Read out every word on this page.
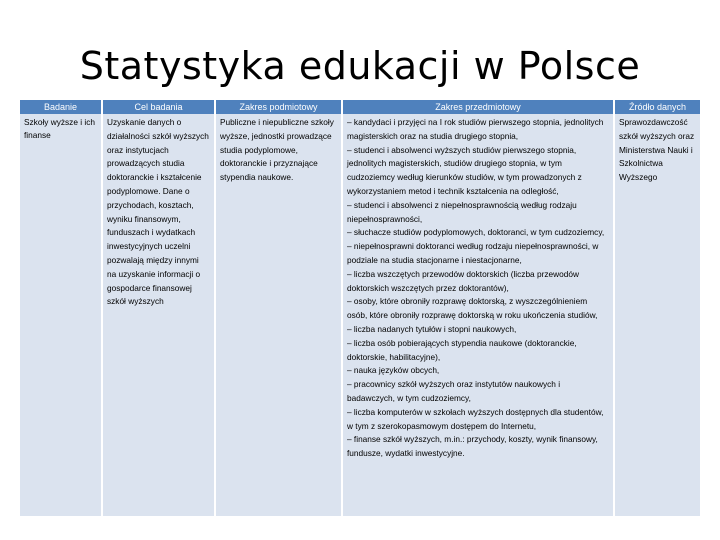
Statystyka edukacji w Polsce
Badanie
Szkoły wyższe i ich finanse
Cel badania
Uzyskanie danych o działalności szkół wyższych oraz instytucjach prowadzących studia doktoranckie i kształcenie podyplomowe. Dane o przychodach, kosztach, wyniku finansowym, funduszach i wydatkach inwestycyjnych uczelni pozwalają między innymi na uzyskanie informacji o gospodarce finansowej szkół wyższych
Zakres podmiotowy
Publiczne i niepubliczne szkoły wyższe, jednostki prowadzące studia podyplomowe, doktoranckie i przyznające stypendia naukowe.
Zakres przedmiotowy
– kandydaci i przyjęci na I rok studiów pierwszego stopnia, jednolitych magisterskich oraz na studia drugiego stopnia,
– studenci i absolwenci wyższych studiów pierwszego stopnia, jednolitych magisterskich, studiów drugiego stopnia, w tym cudzoziemcy według kierunków studiów, w tym prowadzonych z wykorzystaniem metod i technik kształcenia na odległość,
– studenci i absolwenci z niepełnosprawnością według rodzaju niepełnosprawności,
– słuchacze studiów podyplomowych, doktoranci, w tym cudzoziemcy,
– niepełnosprawni doktoranci według rodzaju niepełnosprawności, w podziale na studia stacjonarne i niestacjonarne,
– liczba wszczętych przewodów doktorskich (liczba przewodów doktorskich wszczętych przez doktorantów),
– osoby, które obroniły rozprawę doktorską, z wyszczególnieniem osób, które obroniły rozprawę doktorską w roku ukończenia studiów,
– liczba nadanych tytułów i stopni naukowych,
– liczba osób pobierających stypendia naukowe (doktoranckie, doktorskie, habilitacyjne),
– nauka języków obcych,
– pracownicy szkół wyższych oraz instytutów naukowych i badawczych, w tym cudzoziemcy,
– liczba komputerów w szkołach wyższych dostępnych dla studentów, w tym z szerokopasmowym dostępem do Internetu,
– finanse szkół wyższych, m.in.: przychody, koszty, wynik finansowy, fundusze, wydatki inwestycyjne.
Źródło danych
Sprawozdawczość szkół wyższych oraz Ministerstwa Nauki i Szkolnictwa Wyższego
